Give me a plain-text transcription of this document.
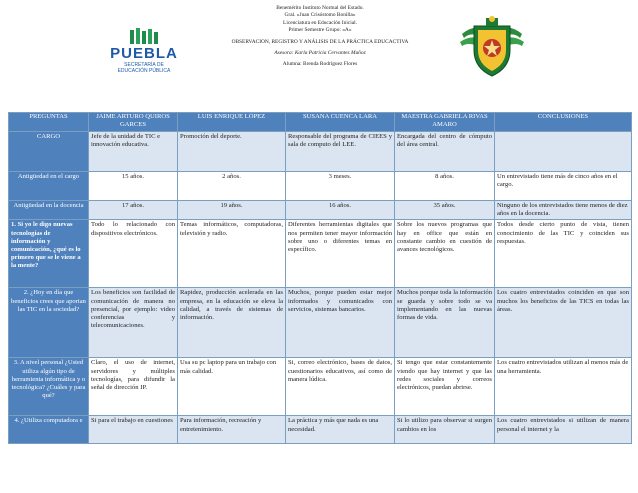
PUEBLA
SECRETARÍA DE
EDUCACIÓN PÚBLICA
Benemérito Instituto Normal del Estado.
Gral. «Juan Crisóstomo Bonilla»
Licenciatura en Educación Inicial.
Primer Semestre Grupo: «A»
OBSERVACION, REGISTRO Y ANÁLISIS DE LA PRÁCTICA EDUCACTIVA
Asesora: Karla Patricia Cervantes Muñoz
Alumna: Brenda Rodríguez Flores
PREGUNTAS	JAIME ARTURO QUIROS GARCES	LUIS ENRIQUE LÓPEZ	SUSANA CUENCA LARA	MAESTRA GABRIELA RIVAS AMARO	CONCLUSIONES
CARGO	Jefe de la unidad de TIC e innovación educativa.	Promoción del deporte.	Responsable del programa de CIEES y sala de computo del LEE.	Encargada del centro de cómputo del área central.	
Antigüedad en el cargo	15 años.	2 años.	3 meses.	8 años.	Un entrevistado tiene más de cinco años en el cargo.
Antigüedad en la docencia	17 años.	19 años.	16 años.	35 años.	Ninguno de los entrevistados tiene menos de diez años en la docencia.
1. Si yo le digo nuevas tecnologías de información y comunicación, ¿qué es lo primero que se le viene a la mente?	Todo lo relacionado con dispositivos electrónicos.	Temas informáticos, computadoras, televisión y radio.	Diferentes herramientas digitales que nos permiten tener mayor información sobre uno o diferentes temas en específico.	Sobre los nuevos programas que hay en office que están en constante cambio en cuestión de avances tecnológicos.	Todos desde cierto punto de vista, tienen conocimiento de las TIC y coinciden sus respuestas.
2. ¿Hoy en día que beneficios crees que aportan las TIC en la sociedad?	Los beneficios son facilidad de comunicación de manera no presencial, por ejemplo: video conferencias y telecomunicaciones.	Rapidez, producción acelerada en las empresa, en la educación se eleva la calidad, a través de sistemas de información.	Muchos, porque pueden estar mejor informados y comunicados con servicios, sistemas bancarios.	Muchos porque toda la información se guarda y sobre todo se va implementando en las nuevas formas de vida.	Los cuatro entrevistados coinciden en que son muchos los beneficios de las TICS en todas las áreas.
3. A nivel personal ¿Usted utiliza algún tipo de herramienta informática y o tecnológica? ¿Cuáles y para qué?	Claro, el uso de internet, servidores y múltiples tecnologías, para difundir la señal de dirección IP.	Usa su pc laptop para un trabajo con más calidad.	Si, correo electrónico, bases de datos, cuestionarios educativos, así como de manera lúdica.	Si tengo que estar constantemente viendo que hay internet y que las redes sociales y correos electrónicos, puedan abrirse.	Los cuatro entrevistados utilizan al menos más de una herramienta.
4. ¿Utiliza computadora e	Si para el trabajo en cuestiones	Para información, recreación y entretenimiento.	La práctica y más que nada es una necesidad.	Si lo utilizo para observar si surgen cambios en los	Los cuatro entrevistados si utilizan de manera personal el internet y la
